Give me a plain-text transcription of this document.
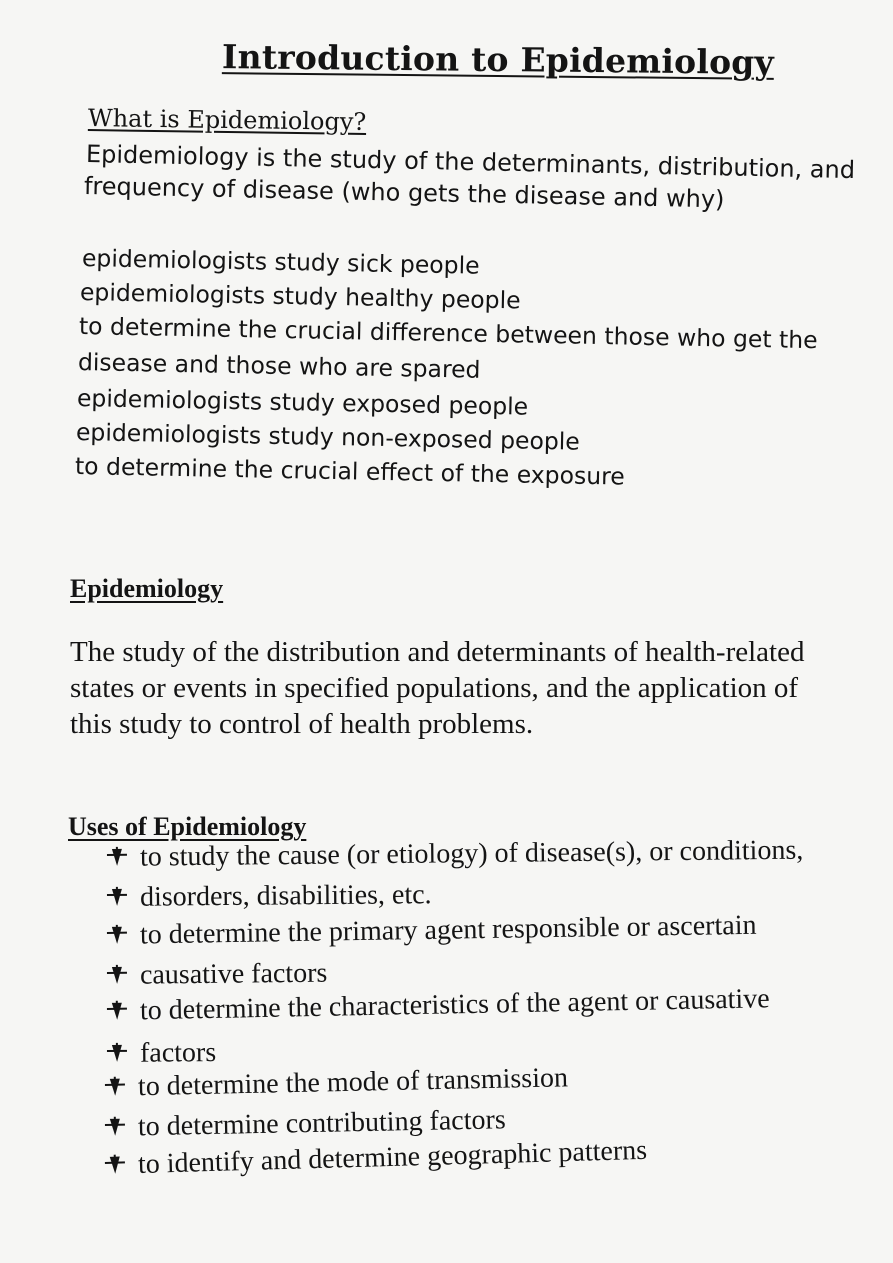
Introduction to Epidemiology
What is Epidemiology?
Epidemiology is the study of the determinants, distribution, and
frequency of disease (who gets the disease and why)
epidemiologists study sick people
epidemiologists study healthy people
to determine the crucial difference between those who get the
disease and those who are spared
epidemiologists study exposed people
epidemiologists study non-exposed people
to determine the crucial effect of the exposure
Epidemiology
The study of the distribution and determinants of health-related
states or events in specified populations, and the application of
this study to control of health problems.
Uses of Epidemiology
to study the cause (or etiology) of disease(s), or conditions,
disorders, disabilities, etc.
to determine the primary agent responsible or ascertain
causative factors
to determine the characteristics of the agent or causative
factors
to determine the mode of transmission
to determine contributing factors
to identify and determine geographic patterns
